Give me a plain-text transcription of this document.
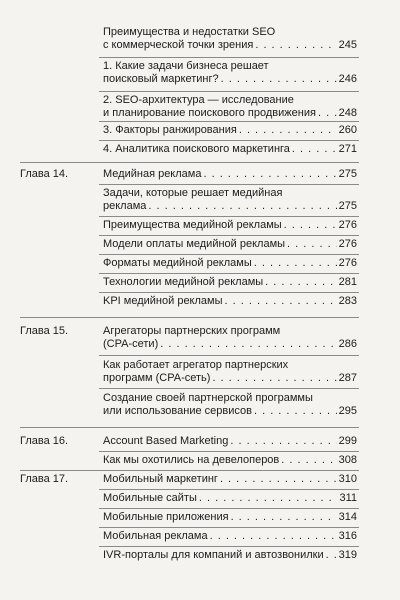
Преимущества и недостатки SEO
с коммерческой точки зрения . . .	245
1. Какие задачи бизнеса решает
поисковый маркетинг? . . .	246
2. SEO-архитектура — исследование
и планирование поискового продвижения . . . 248
3. Факторы ранжирования . . .	260
4. Аналитика поискового маркетинга . . .	271
Глава 14.	Медийная реклама . . .	275
Задачи, которые решает медийная
реклама . . .	275
Преимущества медийной рекламы . . .	276
Модели оплаты медийной рекламы . . .	276
Форматы медийной рекламы . . .	276
Технологии медийной рекламы . . .	281
KPI медийной рекламы . . .	283
Глава 15.	Агрегаторы партнерских программ
(CPA-сети) . . .	286
Как работает агрегатор партнерских
программ (CPA-сеть) . . .	287
Создание своей партнерской программы
или использование сервисов . . .	295
Глава 16.	Account Based Marketing . . .	299
Как мы охотились на девелоперов . . .	308
Глава 17.	Мобильный маркетинг . . .	310
Мобильные сайты . . .	311
Мобильные приложения . . .	314
Мобильная реклама . . .	316
IVR-порталы для компаний и автозвонилки . . . 319
